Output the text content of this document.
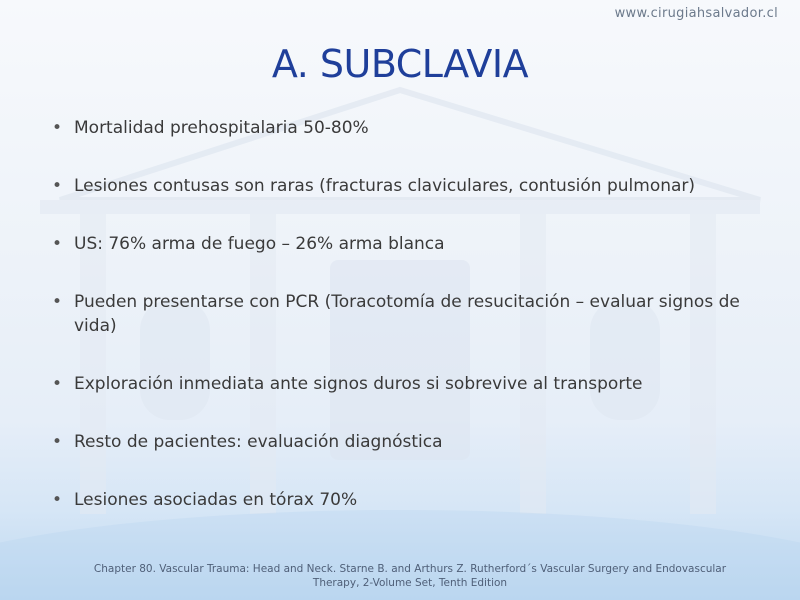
www.cirugiahsalvador.cl
A. SUBCLAVIA
• Mortalidad prehospitalaria 50-80%
• Lesiones contusas son raras (fracturas claviculares, contusión pulmonar)
• US: 76% arma de fuego – 26% arma blanca
• Pueden presentarse con PCR (Toracotomía de resucitación – evaluar signos de vida)
• Exploración inmediata ante signos duros si sobrevive al transporte
• Resto de pacientes: evaluación diagnóstica
• Lesiones asociadas en tórax 70%
Chapter 80. Vascular Trauma: Head and Neck. Starne B. and Arthurs Z. Rutherford´s Vascular Surgery and Endovascular Therapy, 2-Volume Set, Tenth Edition
